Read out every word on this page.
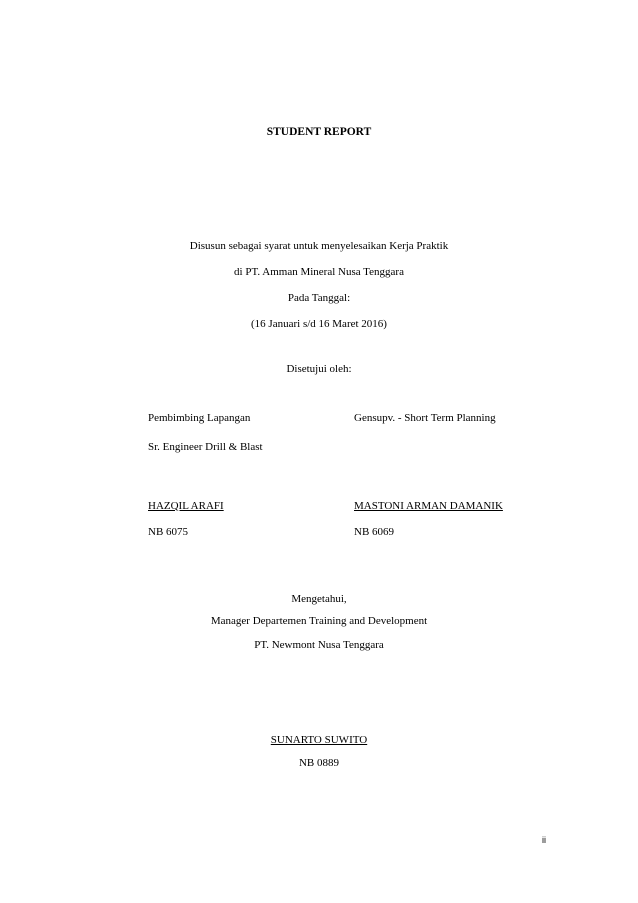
STUDENT REPORT
Disusun sebagai syarat untuk menyelesaikan Kerja Praktik
di PT. Amman Mineral Nusa Tenggara
Pada Tanggal:
(16 Januari s/d 16 Maret 2016)
Disetujui oleh:
Pembimbing Lapangan	Gensupv. - Short Term Planning
Sr. Engineer Drill & Blast
HAZQIL ARAFI	MASTONI ARMAN DAMANIK
NB 6075	NB 6069
Mengetahui,
Manager Departemen Training and Development
PT. Newmont Nusa Tenggara
SUNARTO SUWITO
NB 0889
ii
